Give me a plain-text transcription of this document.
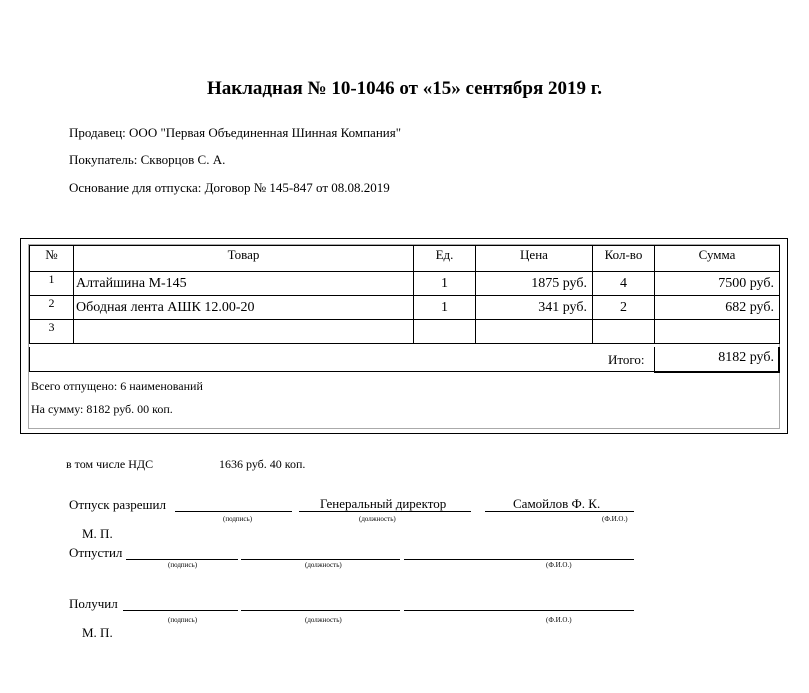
Накладная № 10-1046 от «15» сентября 2019 г.
Продавец: ООО "Первая Объединенная Шинная Компания"
Покупатель: Скворцов С. А.
Основание для отпуска: Договор № 145-847 от 08.08.2019
№	Товар	Ед.	Цена	Кол-во	Сумма
1	Алтайшина М-145	1	1875 руб.	4	7500 руб.
2	Ободная лента АШК 12.00-20	1	341 руб.	2	682 руб.
3					
Итого:	8182 руб.
Всего отпущено: 6 наименований
На сумму: 8182 руб. 00 коп.
в том числе НДС	1636 руб. 40 коп.
Отпуск разрешил	Генеральный директор	Самойлов Ф. К.
(подпись)	(должность)	(Ф.И.О.)
М. П.
Отпустил
(подпись)	(должность)	(Ф.И.О.)
Получил
(подпись)	(должность)	(Ф.И.О.)
М. П.
